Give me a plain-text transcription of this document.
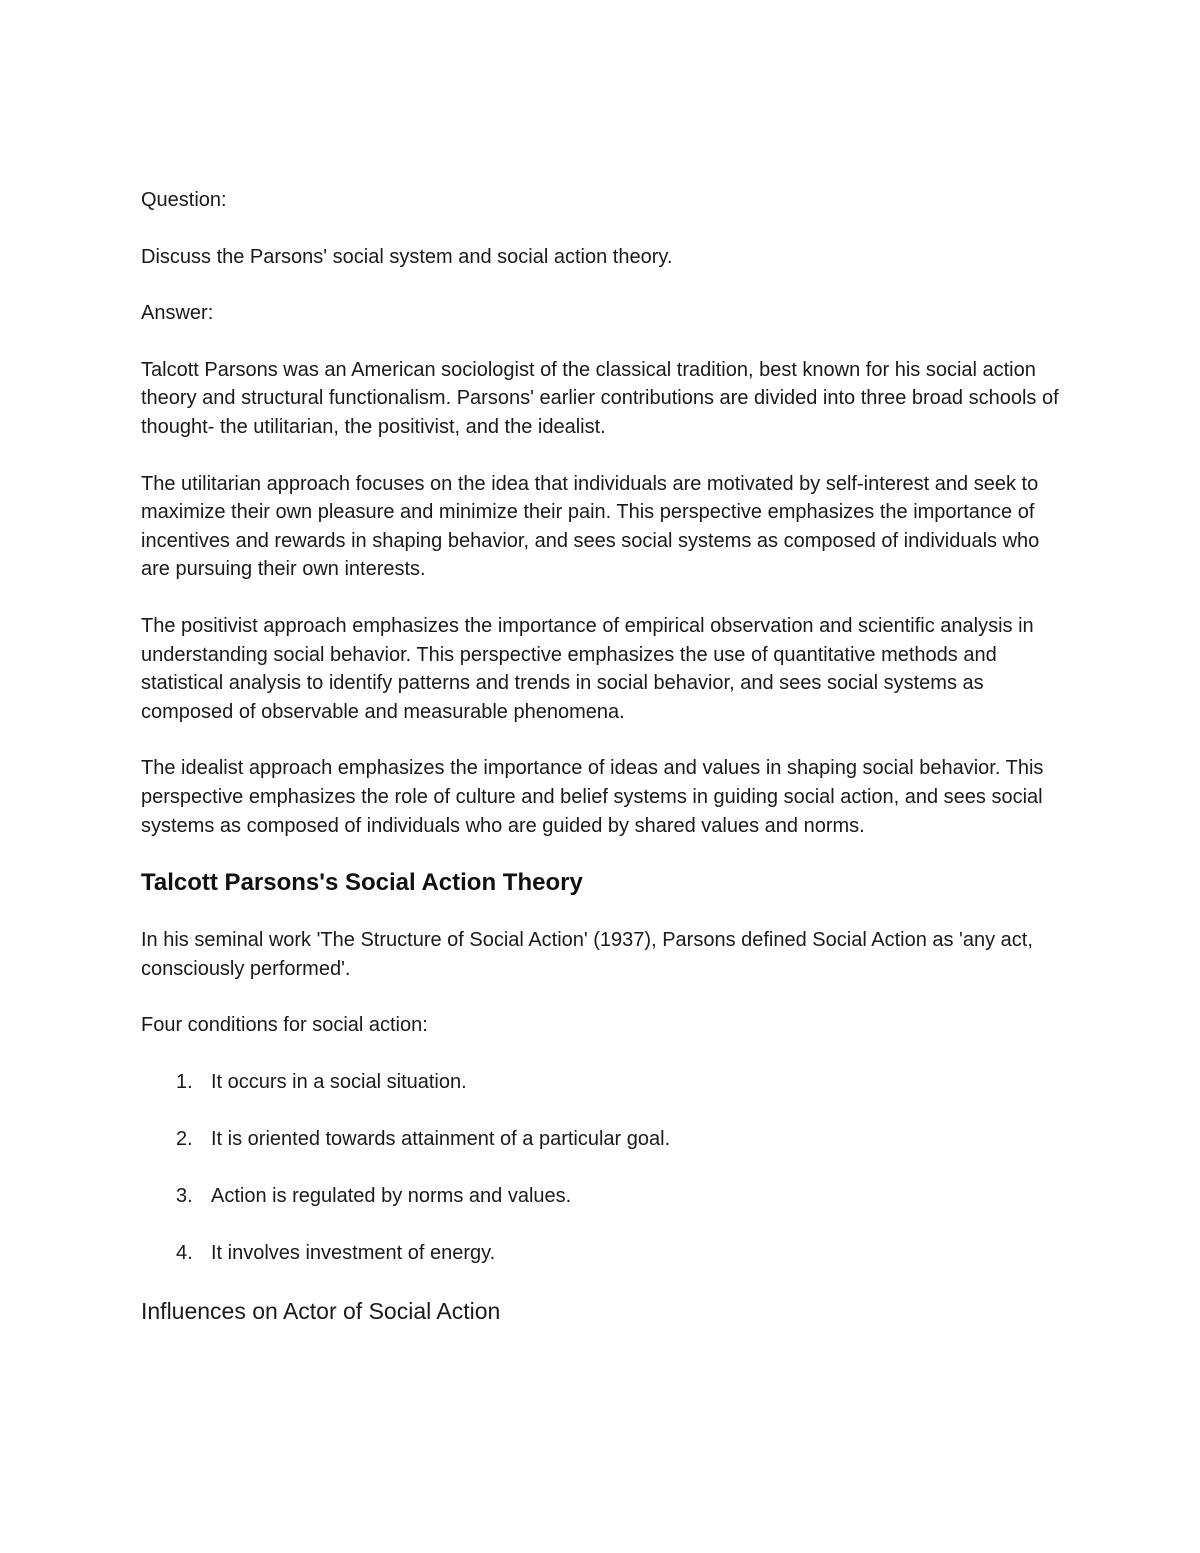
Question:

Discuss the Parsons' social system and social action theory.

Answer:

Talcott Parsons was an American sociologist of the classical tradition, best known for his social action theory and structural functionalism. Parsons' earlier contributions are divided into three broad schools of thought- the utilitarian, the positivist, and the idealist.

The utilitarian approach focuses on the idea that individuals are motivated by self-interest and seek to maximize their own pleasure and minimize their pain. This perspective emphasizes the importance of incentives and rewards in shaping behavior, and sees social systems as composed of individuals who are pursuing their own interests.

The positivist approach emphasizes the importance of empirical observation and scientific analysis in understanding social behavior. This perspective emphasizes the use of quantitative methods and statistical analysis to identify patterns and trends in social behavior, and sees social systems as composed of observable and measurable phenomena.

The idealist approach emphasizes the importance of ideas and values in shaping social behavior. This perspective emphasizes the role of culture and belief systems in guiding social action, and sees social systems as composed of individuals who are guided by shared values and norms.

Talcott Parsons's Social Action Theory

In his seminal work 'The Structure of Social Action' (1937), Parsons defined Social Action as 'any act, consciously performed'.

Four conditions for social action:

1. It occurs in a social situation.
2. It is oriented towards attainment of a particular goal.
3. Action is regulated by norms and values.
4. It involves investment of energy.
Influences on Actor of Social Action
